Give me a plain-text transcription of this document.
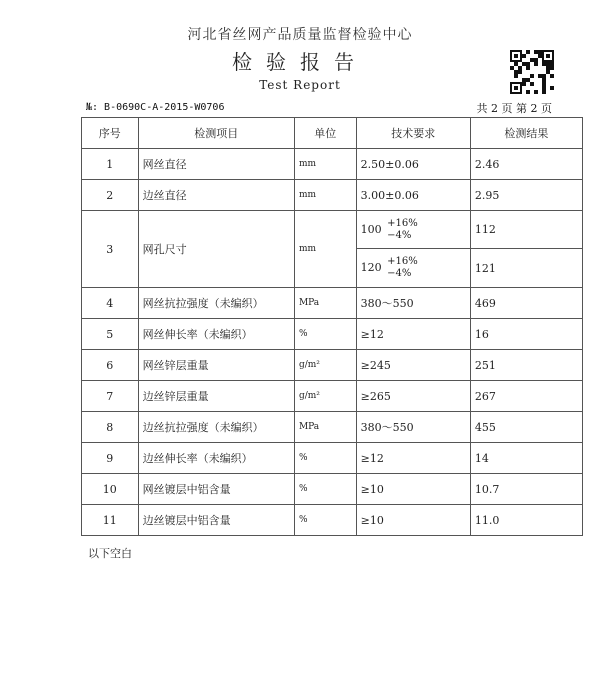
河北省丝网产品质量监督检验中心
检验报告
Test Report
№: B-0690C-A-2015-W0706	共 2 页 第 2 页
序号	检测项目	单位	技术要求	检测结果
1	网丝直径	mm	2.50±0.06	2.46
2	边丝直径	mm	3.00±0.06	2.95
3	网孔尺寸	mm	100 +16%
−4%	112
			120 +16%
−4%	121
4	网丝抗拉强度（未编织）	MPa	380～550	469
5	网丝伸长率（未编织）	%	≥12	16
6	网丝锌层重量	g/m²	≥245	251
7	边丝锌层重量	g/m²	≥265	267
8	边丝抗拉强度（未编织）	MPa	380～550	455
9	边丝伸长率（未编织）	%	≥12	14
10	网丝镀层中铝含量	%	≥10	10.7
11	边丝镀层中铝含量	%	≥10	11.0
以下空白
